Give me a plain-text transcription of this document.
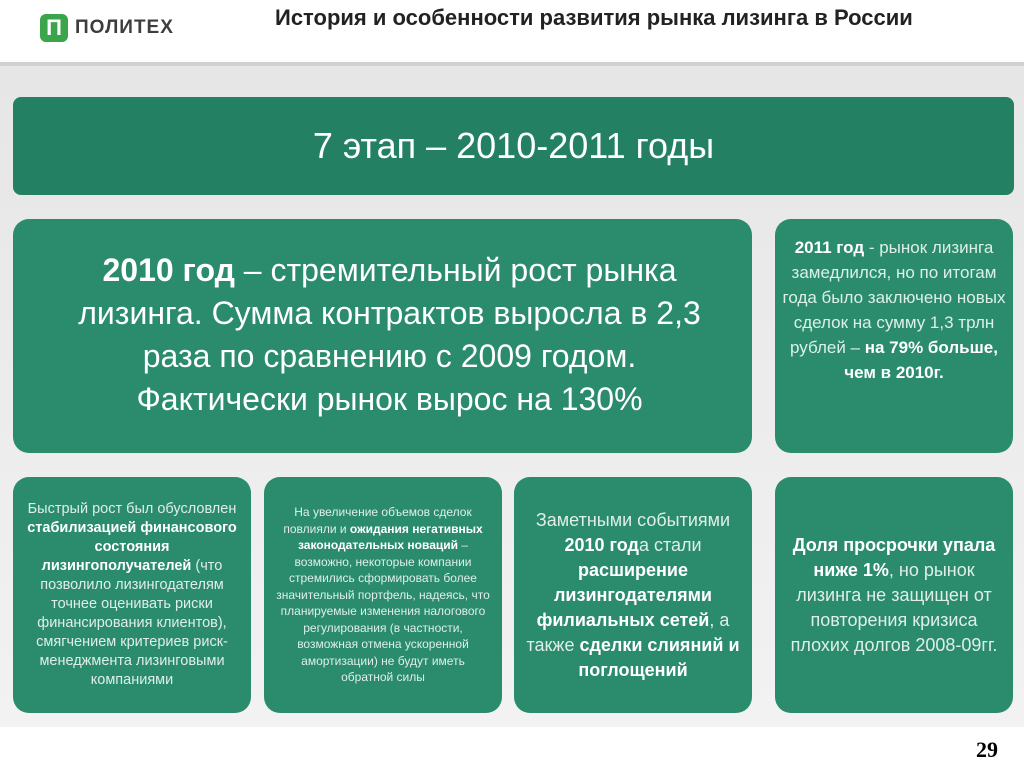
П ПОЛИТЕХ	История и особенности развития рынка лизинга в России
7 этап – 2010-2011 годы
2010 год – стремительный рост рынка лизинга. Сумма контрактов выросла в 2,3 раза по сравнению с 2009 годом. Фактически рынок вырос на 130%
2011 год - рынок лизинга замедлился, но по итогам года было заключено новых сделок на сумму 1,3 трлн рублей – на 79% больше, чем в 2010г.

Быстрый рост был обусловлен стабилизацией финансового состояния лизингополучателей (что позволило лизингодателям точнее оценивать риски финансирования клиентов), смягчением критериев риск-менеджмента лизинговыми компаниями

На увеличение объемов сделок повлияли и ожидания негативных законодательных новаций – возможно, некоторые компании стремились сформировать более значительный портфель, надеясь, что планируемые изменения налогового регулирования (в частности, возможная отмена ускоренной амортизации) не будут иметь обратной силы

Заметными событиями 2010 года стали расширение лизингодателями филиальных сетей, а также сделки слияний и поглощений

Доля просрочки упала ниже 1%, но рынок лизинга не защищен от повторения кризиса плохих долгов 2008-09гг.

29
